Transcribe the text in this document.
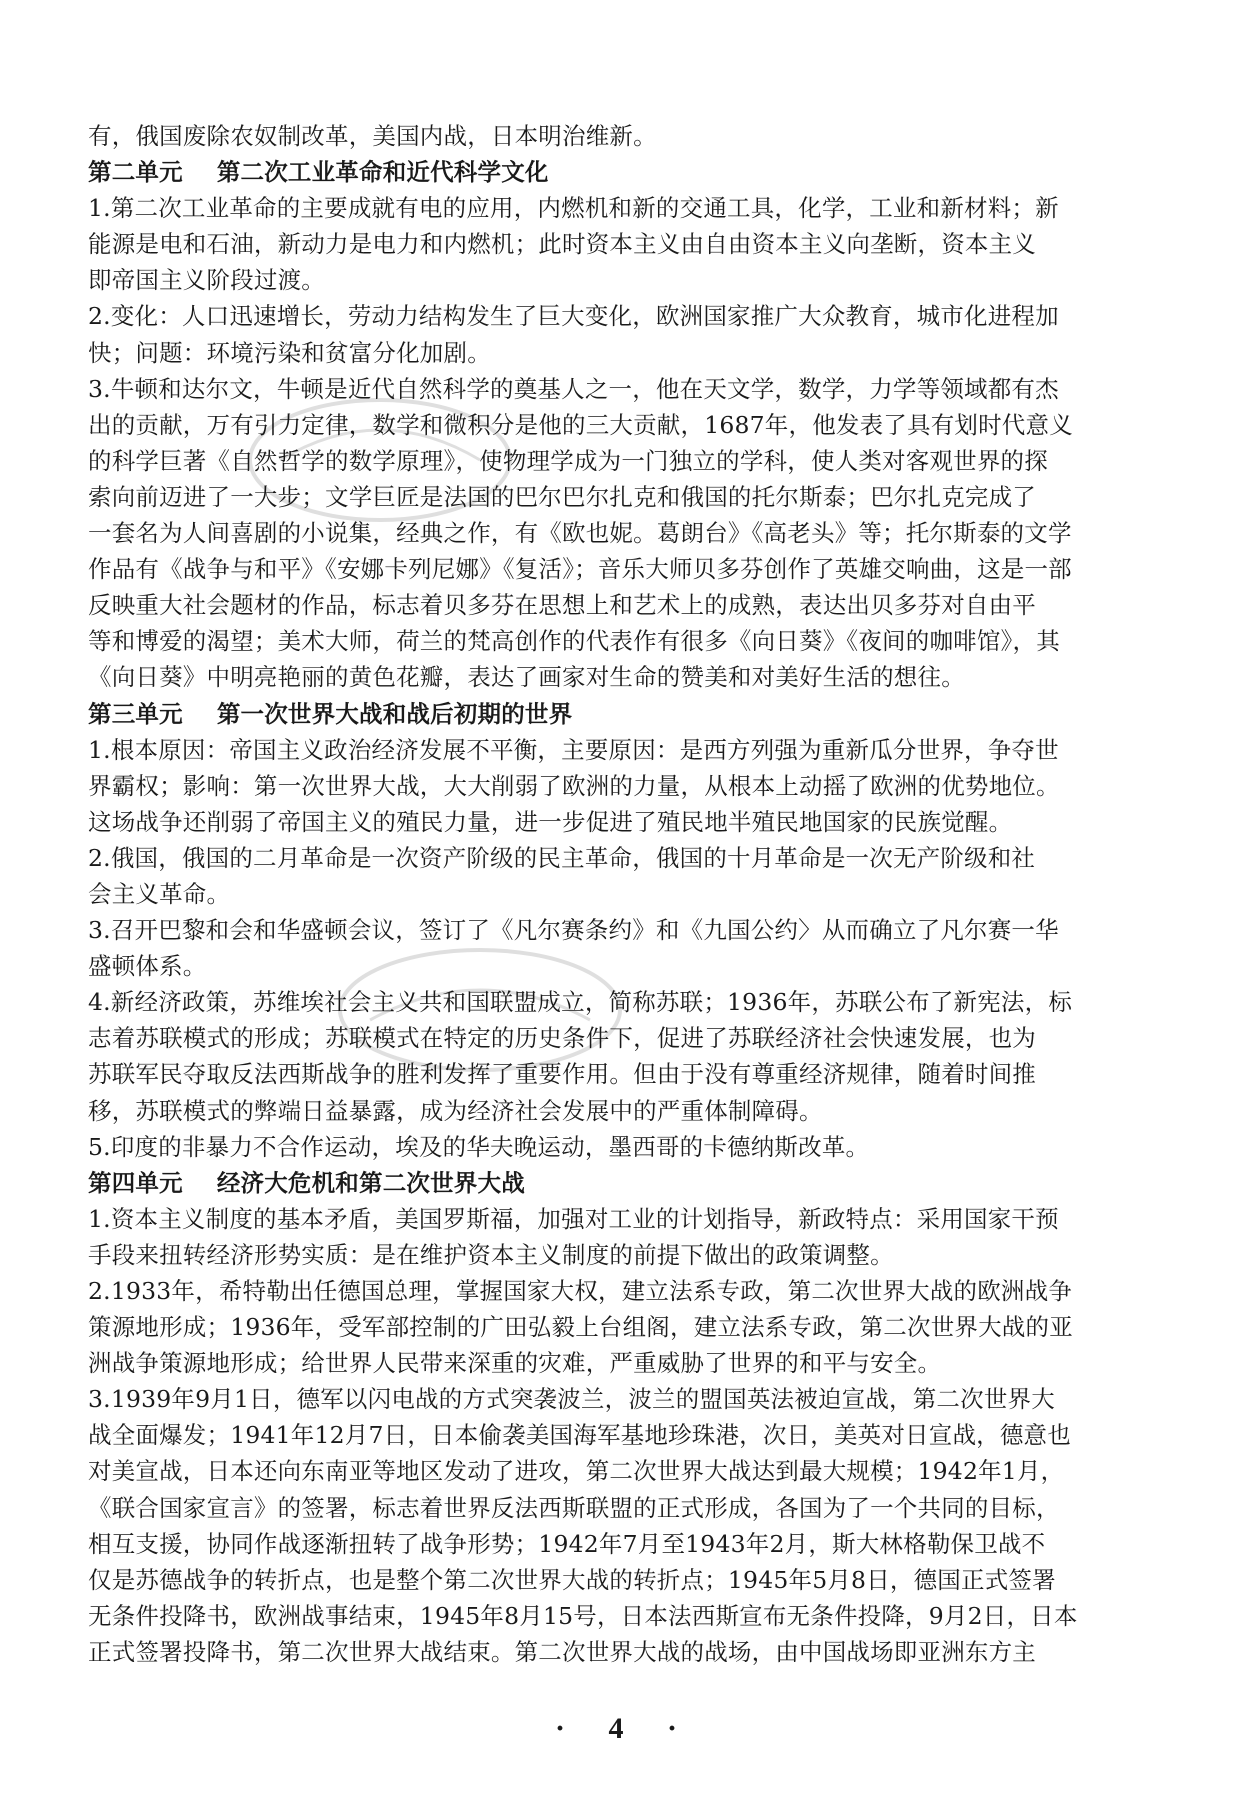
有，俄国废除农奴制改革，美国内战，日本明治维新。
第二单元 第二次工业革命和近代科学文化
1.第二次工业革命的主要成就有电的应用，内燃机和新的交通工具，化学，工业和新材料；新
能源是电和石油，新动力是电力和内燃机；此时资本主义由自由资本主义向垄断，资本主义
即帝国主义阶段过渡。
2.变化：人口迅速增长，劳动力结构发生了巨大变化，欧洲国家推广大众教育，城市化进程加
快；问题：环境污染和贫富分化加剧。
3.牛顿和达尔文，牛顿是近代自然科学的奠基人之一，他在天文学，数学，力学等领域都有杰
出的贡献，万有引力定律，数学和微积分是他的三大贡献，1687年，他发表了具有划时代意义
的科学巨著《自然哲学的数学原理》，使物理学成为一门独立的学科，使人类对客观世界的探
索向前迈进了一大步；文学巨匠是法国的巴尔巴尔扎克和俄国的托尔斯泰；巴尔扎克完成了
一套名为人间喜剧的小说集，经典之作，有《欧也妮。葛朗台》《高老头》等；托尔斯泰的文学
作品有《战争与和平》《安娜卡列尼娜》《复活》；音乐大师贝多芬创作了英雄交响曲，这是一部
反映重大社会题材的作品，标志着贝多芬在思想上和艺术上的成熟，表达出贝多芬对自由平
等和博爱的渴望；美术大师，荷兰的梵高创作的代表作有很多《向日葵》《夜间的咖啡馆》，其
《向日葵》中明亮艳丽的黄色花瓣，表达了画家对生命的赞美和对美好生活的想往。
第三单元 第一次世界大战和战后初期的世界
1.根本原因：帝国主义政治经济发展不平衡，主要原因：是西方列强为重新瓜分世界，争夺世
界霸权；影响：第一次世界大战，大大削弱了欧洲的力量，从根本上动摇了欧洲的优势地位。
这场战争还削弱了帝国主义的殖民力量，进一步促进了殖民地半殖民地国家的民族觉醒。
2.俄国，俄国的二月革命是一次资产阶级的民主革命，俄国的十月革命是一次无产阶级和社
会主义革命。
3.召开巴黎和会和华盛顿会议，签订了《凡尔赛条约》和《九国公约〉从而确立了凡尔赛一华
盛顿体系。
4.新经济政策，苏维埃社会主义共和国联盟成立，简称苏联；1936年，苏联公布了新宪法，标
志着苏联模式的形成；苏联模式在特定的历史条件下，促进了苏联经济社会快速发展，也为
苏联军民夺取反法西斯战争的胜利发挥了重要作用。但由于没有尊重经济规律，随着时间推
移，苏联模式的弊端日益暴露，成为经济社会发展中的严重体制障碍。
5.印度的非暴力不合作运动，埃及的华夫晚运动，墨西哥的卡德纳斯改革。
第四单元 经济大危机和第二次世界大战
1.资本主义制度的基本矛盾，美国罗斯福，加强对工业的计划指导，新政特点：采用国家干预
手段来扭转经济形势实质：是在维护资本主义制度的前提下做出的政策调整。
2.1933年，希特勒出任德国总理，掌握国家大权，建立法系专政，第二次世界大战的欧洲战争
策源地形成；1936年，受军部控制的广田弘毅上台组阁，建立法系专政，第二次世界大战的亚
洲战争策源地形成；给世界人民带来深重的灾难，严重威胁了世界的和平与安全。
3.1939年9月1日，德军以闪电战的方式突袭波兰，波兰的盟国英法被迫宣战，第二次世界大
战全面爆发；1941年12月7日，日本偷袭美国海军基地珍珠港，次日，美英对日宣战，德意也
对美宣战，日本还向东南亚等地区发动了进攻，第二次世界大战达到最大规模；1942年1月，
《联合国家宣言》的签署，标志着世界反法西斯联盟的正式形成，各国为了一个共同的目标，
相互支援，协同作战逐渐扭转了战争形势；1942年7月至1943年2月，斯大林格勒保卫战不
仅是苏德战争的转折点，也是整个第二次世界大战的转折点；1945年5月8日，德国正式签署
无条件投降书，欧洲战事结束，1945年8月15号，日本法西斯宣布无条件投降，9月2日，日本
正式签署投降书，第二次世界大战结束。第二次世界大战的战场，由中国战场即亚洲东方主
· 4 ·
